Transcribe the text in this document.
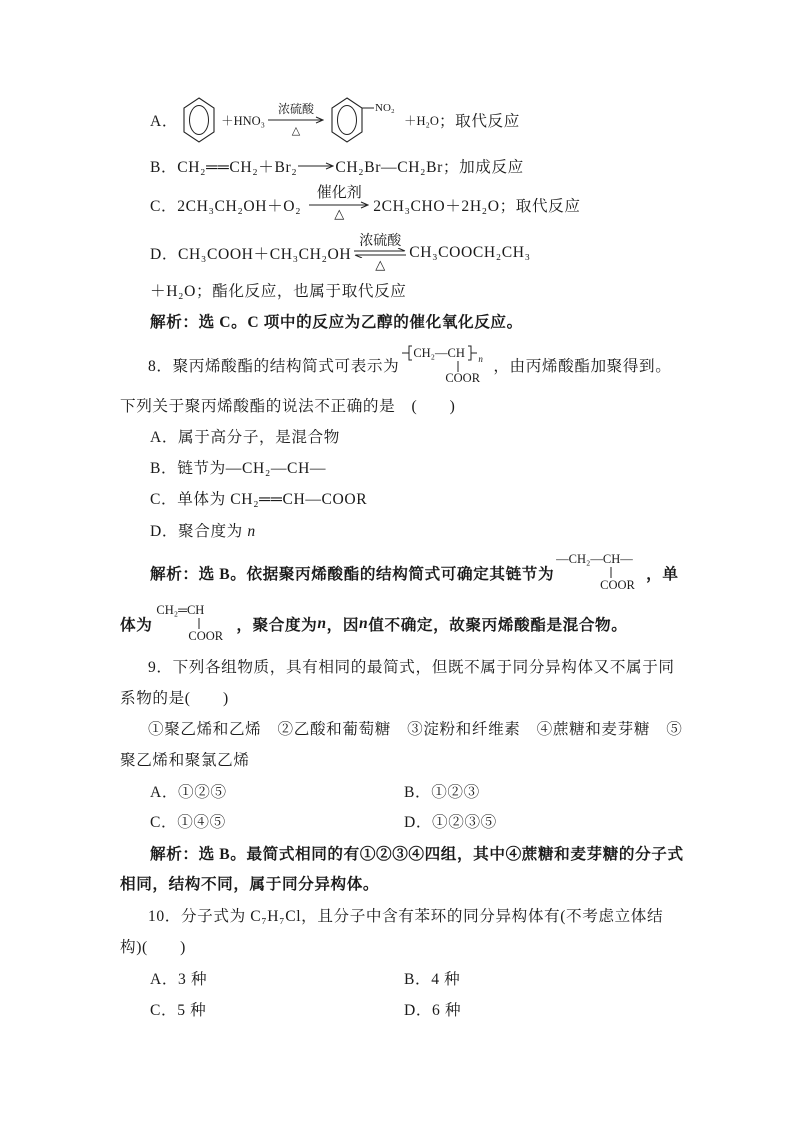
A．	＋HNO₃
浓硫酸
△
NO₂
＋H₂O ；取代反应
B．CH₂══CH₂＋Br₂ CH₂Br—CH₂Br；加成反应
C．2CH₃CH₂OH＋O₂
催化剂
△	2CH₃CHO＋2H₂O；取代反应
D．CH₃COOH＋CH₃CH₂OH
浓硫酸
△
CH₃COOCH₂CH₃
＋H₂O；酯化反应，也属于取代反应
解析：选 C。C 项中的反应为乙醇的催化氧化反应。
8．聚丙烯酸酯的结构简式可表示为
CH₂—CH n
COOR
，由丙烯酸酯加聚得到。
下列关于聚丙烯酸酯的说法不正确的是　(　　)
A．属于高分子，是混合物
B．链节为—CH₂—CH—
C．单体为 CH₂══CH—COOR
D．聚合度为 n
解析：选 B。依据聚丙烯酸酯的结构简式可确定其链节为
—CH₂—CH—
COOR
，单
体为
CH₂═CH
COOR
，聚合度为 n ，因 n 值不确定，故聚丙烯酸酯是混合物。
9．下列各组物质，具有相同的最简式，但既不属于同分异构体又不属于同
系物的是(　　)
①聚乙烯和乙烯　②乙酸和葡萄糖　③淀粉和纤维素　④蔗糖和麦芽糖　⑤
聚乙烯和聚氯乙烯
A．①②⑤	B．①②③
C．①④⑤	D．①②③⑤
解析：选 B。最简式相同的有①②③④四组，其中④蔗糖和麦芽糖的分子式
相同，结构不同，属于同分异构体。
10．分子式为 C₇H₇Cl，且分子中含有苯环的同分异构体有(不考虑立体结
构)(　　)
A．3 种	B．4 种
C．5 种	D．6 种
